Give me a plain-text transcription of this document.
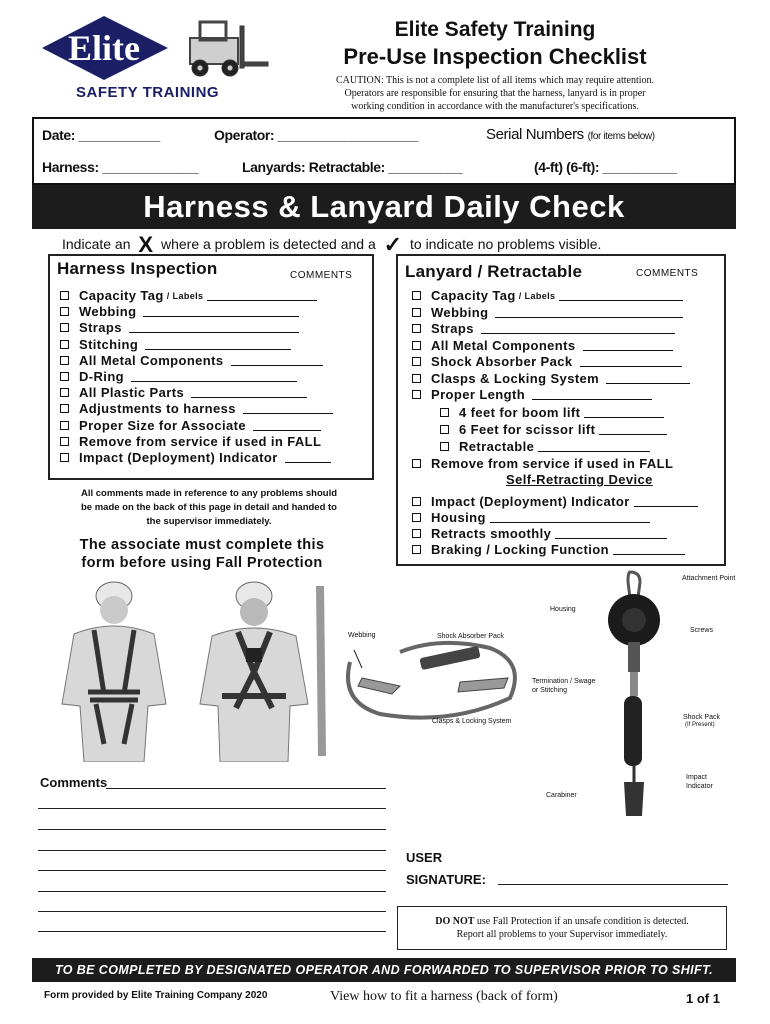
Elite
SAFETY TRAINING
Elite Safety Training
Pre-Use Inspection Checklist
CAUTION: This is not a complete list of all items which may require attention.
Operators are responsible for ensuring that the harness, lanyard is in proper
working condition in accordance with the manufacturer's specifications.
Date: ___________	Operator: ___________________	Serial Numbers (for items below)
Harness: _____________	Lanyards: Retractable: __________	(4-ft) (6-ft): __________
Harness & Lanyard Daily Check
Indicate an X where a problem is detected and a ✓ to indicate no problems visible.
Harness Inspection	COMMENTS
Capacity Tag / Labels
Webbing
Straps
Stitching
All Metal Components
D-Ring
All Plastic Parts
Adjustments to harness
Proper Size for Associate
Remove from service if used in FALL
Impact (Deployment) Indicator
Lanyard / Retractable	COMMENTS
Capacity Tag / Labels
Webbing
Straps
All Metal Components
Shock Absorber Pack
Clasps & Locking System
Proper Length
4 feet for boom lift
6 Feet for scissor lift
Retractable
Remove from service if used in FALL
Self-Retracting Device
Impact (Deployment) Indicator
Housing
Retracts smoothly
Braking / Locking Function
All comments made in reference to any problems should
be made on the back of this page in detail and handed to
the supervisor immediately.
The associate must complete this
form before using Fall Protection
Webbing	Shock Absorber Pack
Clasps & Locking System
Attachment Point
Housing
Screws
Termination / Swage or Stitching
Shock Pack
(If Present)
Impact Indicator
Carabiner
Comments
USER
SIGNATURE:
DO NOT use Fall Protection if an unsafe condition is detected.
Report all problems to your Supervisor immediately.
TO BE COMPLETED BY DESIGNATED OPERATOR AND FORWARDED TO SUPERVISOR PRIOR TO SHIFT.
Form provided by Elite Training Company 2020	View how to fit a harness (back of form)	1 of 1
